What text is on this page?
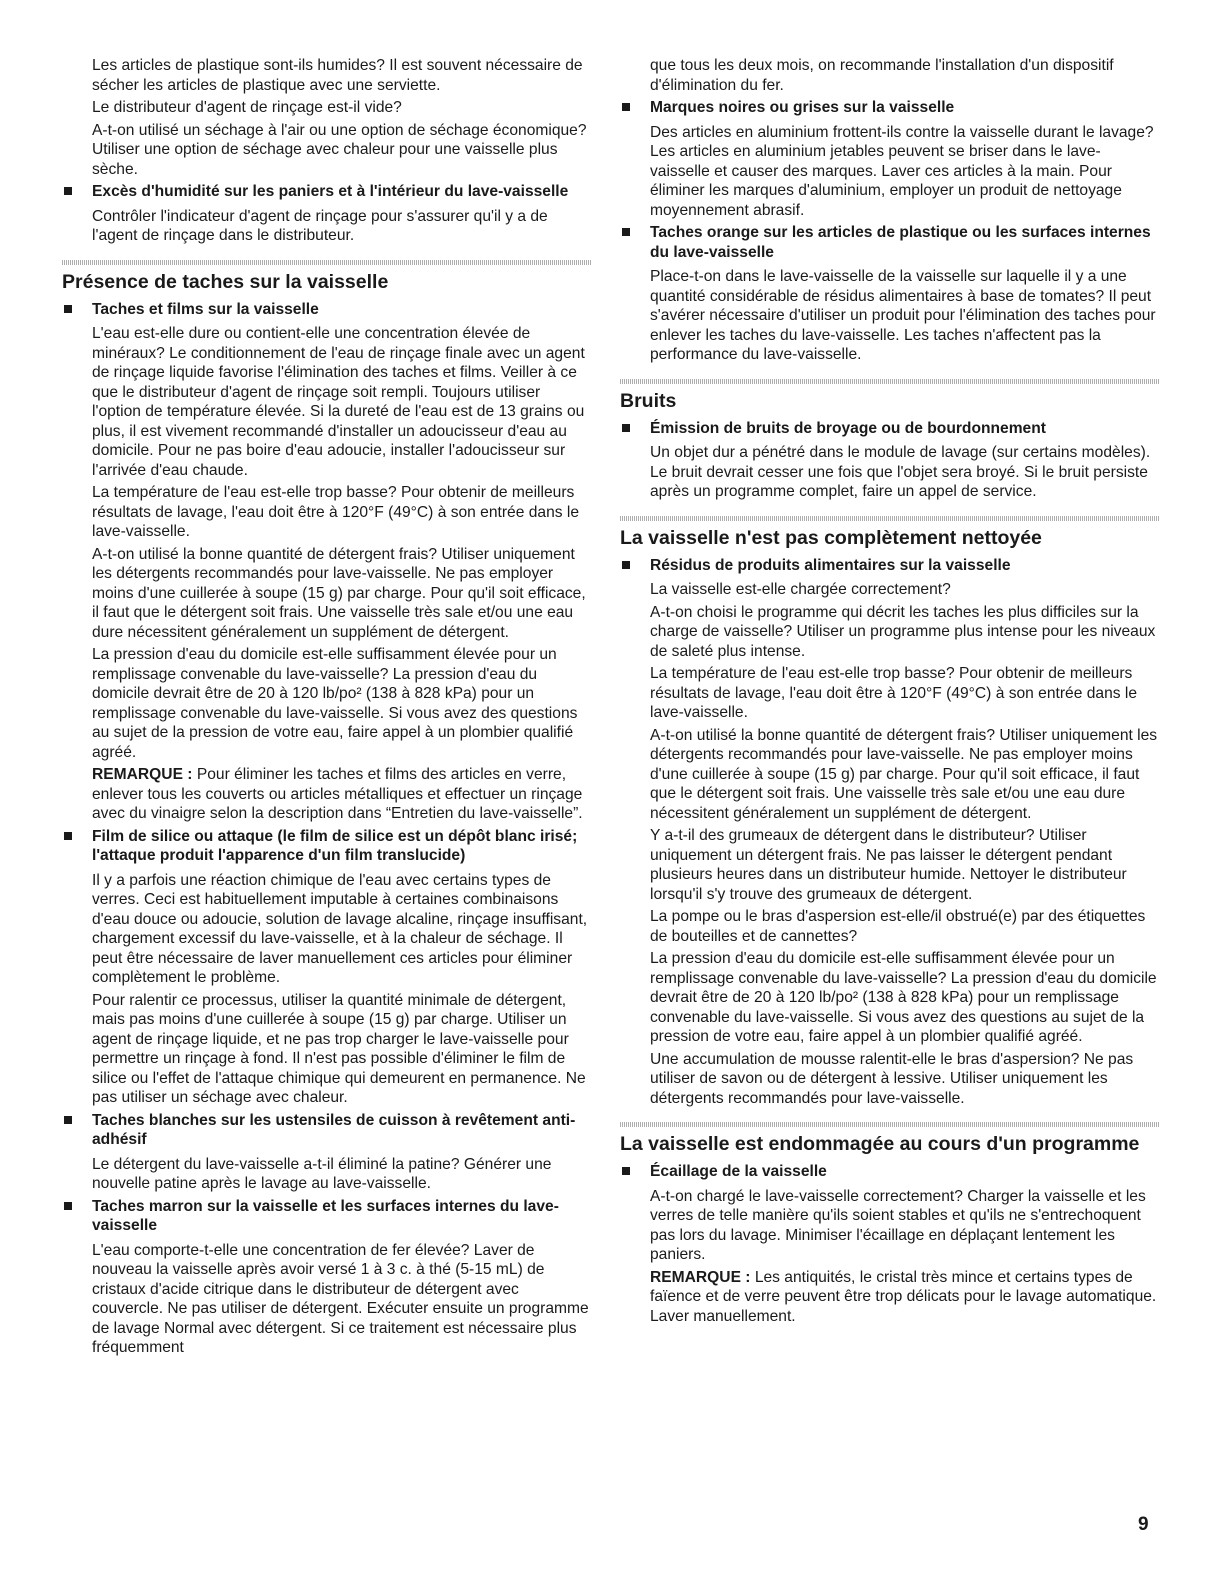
Les articles de plastique sont-ils humides? Il est souvent nécessaire de sécher les articles de plastique avec une serviette.

Le distributeur d'agent de rinçage est-il vide?

A-t-on utilisé un séchage à l'air ou une option de séchage économique? Utiliser une option de séchage avec chaleur pour une vaisselle plus sèche.

Excès d'humidité sur les paniers et à l'intérieur du lave-vaisselle

Contrôler l'indicateur d'agent de rinçage pour s'assurer qu'il y a de l'agent de rinçage dans le distributeur.

Présence de taches sur la vaisselle
Taches et films sur la vaisselle

L'eau est-elle dure ou contient-elle une concentration élevée de minéraux? Le conditionnement de l'eau de rinçage finale avec un agent de rinçage liquide favorise l'élimination des taches et films. Veiller à ce que le distributeur d'agent de rinçage soit rempli. Toujours utiliser l'option de température élevée. Si la dureté de l'eau est de 13 grains ou plus, il est vivement recommandé d'installer un adoucisseur d'eau au domicile. Pour ne pas boire d'eau adoucie, installer l'adoucisseur sur l'arrivée d'eau chaude.

La température de l'eau est-elle trop basse? Pour obtenir de meilleurs résultats de lavage, l'eau doit être à 120°F (49°C) à son entrée dans le lave-vaisselle.

A-t-on utilisé la bonne quantité de détergent frais? Utiliser uniquement les détergents recommandés pour lave-vaisselle. Ne pas employer moins d'une cuillerée à soupe (15 g) par charge. Pour qu'il soit efficace, il faut que le détergent soit frais. Une vaisselle très sale et/ou une eau dure nécessitent généralement un supplément de détergent.

La pression d'eau du domicile est-elle suffisamment élevée pour un remplissage convenable du lave-vaisselle? La pression d'eau du domicile devrait être de 20 à 120 lb/po² (138 à 828 kPa) pour un remplissage convenable du lave-vaisselle. Si vous avez des questions au sujet de la pression de votre eau, faire appel à un plombier qualifié agréé.

REMARQUE : Pour éliminer les taches et films des articles en verre, enlever tous les couverts ou articles métalliques et effectuer un rinçage avec du vinaigre selon la description dans “Entretien du lave-vaisselle”.

Film de silice ou attaque (le film de silice est un dépôt blanc irisé; l'attaque produit l'apparence d'un film translucide)

Il y a parfois une réaction chimique de l'eau avec certains types de verres. Ceci est habituellement imputable à certaines combinaisons d'eau douce ou adoucie, solution de lavage alcaline, rinçage insuffisant, chargement excessif du lave-vaisselle, et à la chaleur de séchage. Il peut être nécessaire de laver manuellement ces articles pour éliminer complètement le problème.

Pour ralentir ce processus, utiliser la quantité minimale de détergent, mais pas moins d'une cuillerée à soupe (15 g) par charge. Utiliser un agent de rinçage liquide, et ne pas trop charger le lave-vaisselle pour permettre un rinçage à fond. Il n'est pas possible d'éliminer le film de silice ou l'effet de l'attaque chimique qui demeurent en permanence. Ne pas utiliser un séchage avec chaleur.

Taches blanches sur les ustensiles de cuisson à revêtement anti-adhésif

Le détergent du lave-vaisselle a-t-il éliminé la patine? Générer une nouvelle patine après le lavage au lave-vaisselle.

Taches marron sur la vaisselle et les surfaces internes du lave-vaisselle

L'eau comporte-t-elle une concentration de fer élevée? Laver de nouveau la vaisselle après avoir versé 1 à 3 c. à thé (5-15 mL) de cristaux d'acide citrique dans le distributeur de détergent avec couvercle. Ne pas utiliser de détergent. Exécuter ensuite un programme de lavage Normal avec détergent. Si ce traitement est nécessaire plus fréquemment

que tous les deux mois, on recommande l'installation d'un dispositif d'élimination du fer.

Marques noires ou grises sur la vaisselle

Des articles en aluminium frottent-ils contre la vaisselle durant le lavage? Les articles en aluminium jetables peuvent se briser dans le lave-vaisselle et causer des marques. Laver ces articles à la main. Pour éliminer les marques d'aluminium, employer un produit de nettoyage moyennement abrasif.

Taches orange sur les articles de plastique ou les surfaces internes du lave-vaisselle

Place-t-on dans le lave-vaisselle de la vaisselle sur laquelle il y a une quantité considérable de résidus alimentaires à base de tomates? Il peut s'avérer nécessaire d'utiliser un produit pour l'élimination des taches pour enlever les taches du lave-vaisselle. Les taches n'affectent pas la performance du lave-vaisselle.

Bruits
Émission de bruits de broyage ou de bourdonnement

Un objet dur a pénétré dans le module de lavage (sur certains modèles). Le bruit devrait cesser une fois que l'objet sera broyé. Si le bruit persiste après un programme complet, faire un appel de service.

La vaisselle n'est pas complètement nettoyée
Résidus de produits alimentaires sur la vaisselle

La vaisselle est-elle chargée correctement?

A-t-on choisi le programme qui décrit les taches les plus difficiles sur la charge de vaisselle? Utiliser un programme plus intense pour les niveaux de saleté plus intense.

La température de l'eau est-elle trop basse? Pour obtenir de meilleurs résultats de lavage, l'eau doit être à 120°F (49°C) à son entrée dans le lave-vaisselle.

A-t-on utilisé la bonne quantité de détergent frais? Utiliser uniquement les détergents recommandés pour lave-vaisselle. Ne pas employer moins d'une cuillerée à soupe (15 g) par charge. Pour qu'il soit efficace, il faut que le détergent soit frais. Une vaisselle très sale et/ou une eau dure nécessitent généralement un supplément de détergent.

Y a-t-il des grumeaux de détergent dans le distributeur? Utiliser uniquement un détergent frais. Ne pas laisser le détergent pendant plusieurs heures dans un distributeur humide. Nettoyer le distributeur lorsqu'il s'y trouve des grumeaux de détergent.

La pompe ou le bras d'aspersion est-elle/il obstrué(e) par des étiquettes de bouteilles et de cannettes?

La pression d'eau du domicile est-elle suffisamment élevée pour un remplissage convenable du lave-vaisselle? La pression d'eau du domicile devrait être de 20 à 120 lb/po² (138 à 828 kPa) pour un remplissage convenable du lave-vaisselle. Si vous avez des questions au sujet de la pression de votre eau, faire appel à un plombier qualifié agréé.

Une accumulation de mousse ralentit-elle le bras d'aspersion? Ne pas utiliser de savon ou de détergent à lessive. Utiliser uniquement les détergents recommandés pour lave-vaisselle.

La vaisselle est endommagée au cours d'un programme
Écaillage de la vaisselle

A-t-on chargé le lave-vaisselle correctement? Charger la vaisselle et les verres de telle manière qu'ils soient stables et qu'ils ne s'entrechoquent pas lors du lavage. Minimiser l'écaillage en déplaçant lentement les paniers.

REMARQUE : Les antiquités, le cristal très mince et certains types de faïence et de verre peuvent être trop délicats pour le lavage automatique. Laver manuellement.

9
